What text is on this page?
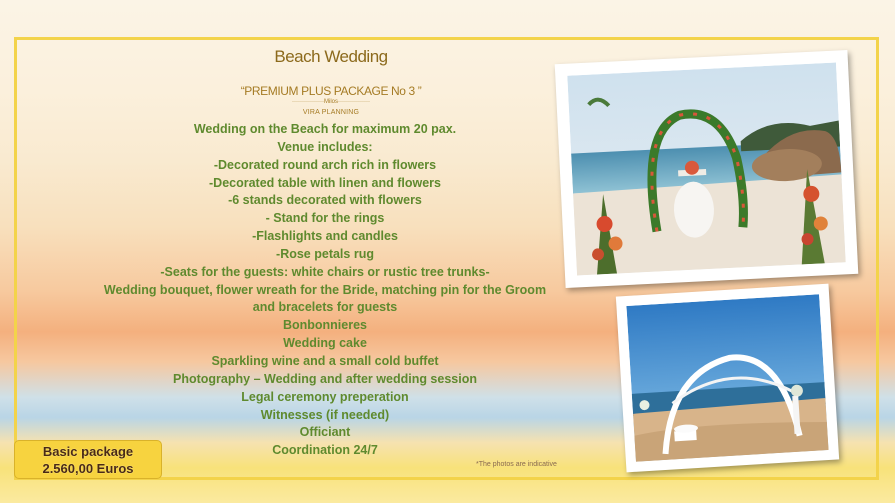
Beach Wedding
“PREMIUM PLUS PACKAGE No 3 ”
················Milos················
VIRA PLANNING
Wedding on the Beach for maximum 20 pax.
Venue includes:
-Decorated round arch rich in flowers
-Decorated table with linen and flowers
-6 stands decorated with flowers
- Stand for the rings
-Flashlights and candles
-Rose petals rug
-Seats for the guests: white chairs or rustic tree trunks-
Wedding bouquet, flower wreath for the Bride, matching pin for the Groom
and bracelets for guests
Bonbonnieres
Wedding cake
Sparkling wine and a small cold buffet
Photography – Wedding and after wedding session
Legal ceremony preperation
Witnesses (if needed)
Officiant
Coordination 24/7
*The photos are indicative
Basic package
2.560,00 Euros
